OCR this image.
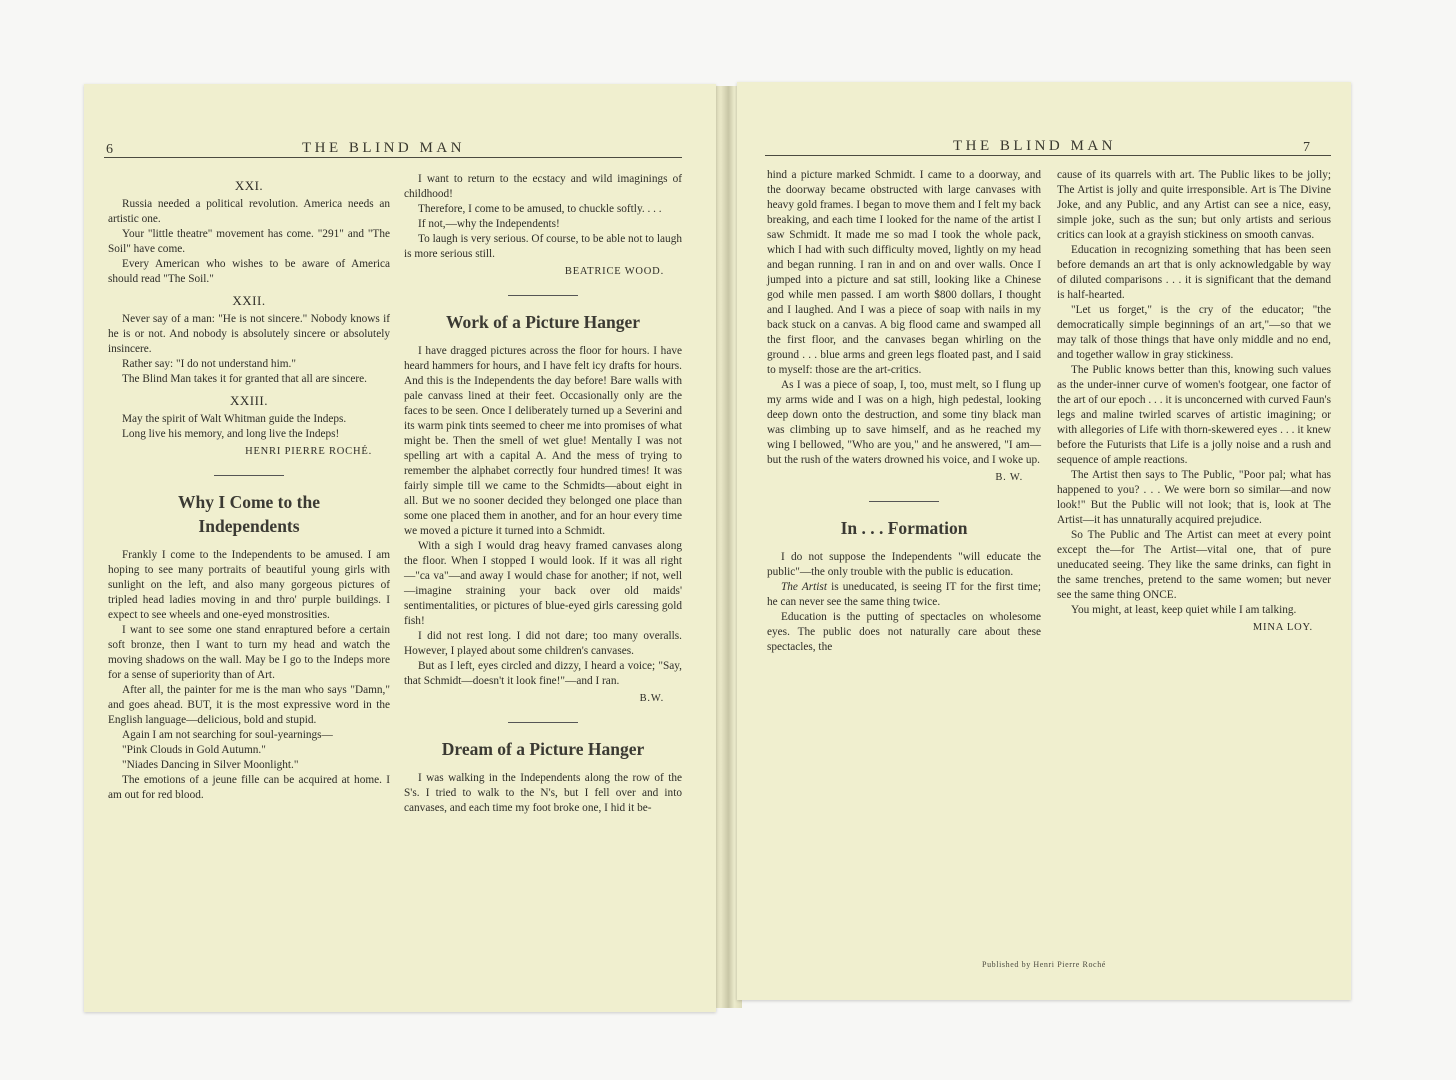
6	THE BLIND MAN
XXI.

Russia needed a political revolution. America needs an artistic one.

Your "little theatre" movement has come. "291" and "The Soil" have come.

Every American who wishes to be aware of America should read "The Soil."

XXII.

Never say of a man: "He is not sincere." Nobody knows if he is or not. And nobody is absolutely sincere or absolutely insincere.

Rather say: "I do not understand him."

The Blind Man takes it for granted that all are sincere.

XXIII.

May the spirit of Walt Whitman guide the Indeps.

Long live his memory, and long live the Indeps!

HENRI PIERRE ROCHÉ.
Why I Come to the Independents

Frankly I come to the Independents to be amused. I am hoping to see many portraits of beautiful young girls with sunlight on the left, and also many gorgeous pictures of tripled head ladies moving in and thro' purple buildings. I expect to see wheels and one-eyed monstrosities.

I want to see some one stand enraptured before a certain soft bronze, then I want to turn my head and watch the moving shadows on the wall. May be I go to the Indeps more for a sense of superiority than of Art.

After all, the painter for me is the man who says "Damn," and goes ahead. BUT, it is the most expressive word in the English language—delicious, bold and stupid.

Again I am not searching for soul-yearnings—

"Pink Clouds in Gold Autumn."

"Niades Dancing in Silver Moonlight."

The emotions of a jeune fille can be acquired at home. I am out for red blood.

I want to return to the ecstacy and wild imaginings of childhood!

Therefore, I come to be amused, to chuckle softly. . . .

If not,—why the Independents!

To laugh is very serious. Of course, to be able not to laugh is more serious still.

BEATRICE WOOD.
Work of a Picture Hanger

I have dragged pictures across the floor for hours. I have heard hammers for hours, and I have felt icy drafts for hours. And this is the Independents the day before! Bare walls with pale canvass lined at their feet. Occasionally only are the faces to be seen. Once I deliberately turned up a Severini and its warm pink tints seemed to cheer me into promises of what might be. Then the smell of wet glue! Mentally I was not spelling art with a capital A. And the mess of trying to remember the alphabet correctly four hundred times! It was fairly simple till we came to the Schmidts—about eight in all. But we no sooner decided they belonged one place than some one placed them in another, and for an hour every time we moved a picture it turned into a Schmidt.

With a sigh I would drag heavy framed canvases along the floor. When I stopped I would look. If it was all right—"ca va"—and away I would chase for another; if not, well—imagine straining your back over old maids' sentimentalities, or pictures of blue-eyed girls caressing gold fish!

I did not rest long. I did not dare; too many overalls. However, I played about some children's canvases.

But as I left, eyes circled and dizzy, I heard a voice; "Say, that Schmidt—doesn't it look fine!"—and I ran.

B.W.
Dream of a Picture Hanger

I was walking in the Independents along the row of the S's. I tried to walk to the N's, but I fell over and into canvases, and each time my foot broke one, I hid it be-

THE BLIND MAN	7

hind a picture marked Schmidt. I came to a doorway, and the doorway became obstructed with large canvases with heavy gold frames. I began to move them and I felt my back breaking, and each time I looked for the name of the artist I saw Schmidt. It made me so mad I took the whole pack, which I had with such difficulty moved, lightly on my head and began running. I ran in and on and over walls. Once I jumped into a picture and sat still, looking like a Chinese god while men passed. I am worth $800 dollars, I thought and I laughed. And I was a piece of soap with nails in my back stuck on a canvas. A big flood came and swamped all the first floor, and the canvases began whirling on the ground . . . blue arms and green legs floated past, and I said to myself: those are the art-critics.

As I was a piece of soap, I, too, must melt, so I flung up my arms wide and I was on a high, high pedestal, looking deep down onto the destruction, and some tiny black man was climbing up to save himself, and as he reached my wing I bellowed, "Who are you," and he answered, "I am—but the rush of the waters drowned his voice, and I woke up.

B. W.
In . . . Formation

I do not suppose the Independents "will educate the public"—the only trouble with the public is education.

The Artist is uneducated, is seeing IT for the first time; he can never see the same thing twice.

Education is the putting of spectacles on wholesome eyes. The public does not naturally care about these spectacles, the

cause of its quarrels with art. The Public likes to be jolly; The Artist is jolly and quite irresponsible. Art is The Divine Joke, and any Public, and any Artist can see a nice, easy, simple joke, such as the sun; but only artists and serious critics can look at a grayish stickiness on smooth canvas.

Education in recognizing something that has been seen before demands an art that is only acknowledgable by way of diluted comparisons . . . it is significant that the demand is half-hearted.

"Let us forget," is the cry of the educator; "the democratically simple beginnings of an art,"—so that we may talk of those things that have only middle and no end, and together wallow in gray stickiness.

The Public knows better than this, knowing such values as the under-inner curve of women's footgear, one factor of the art of our epoch . . . it is unconcerned with curved Faun's legs and maline twirled scarves of artistic imagining; or with allegories of Life with thorn-skewered eyes . . . it knew before the Futurists that Life is a jolly noise and a rush and sequence of ample reactions.

The Artist then says to The Public, "Poor pal; what has happened to you? . . . We were born so similar—and now look!" But the Public will not look; that is, look at The Artist—it has unnaturally acquired prejudice.

So The Public and The Artist can meet at every point except the—for The Artist—vital one, that of pure uneducated seeing. They like the same drinks, can fight in the same trenches, pretend to the same women; but never see the same thing ONCE.

You might, at least, keep quiet while I am talking.

MINA LOY.
Published by Henri Pierre Roché
